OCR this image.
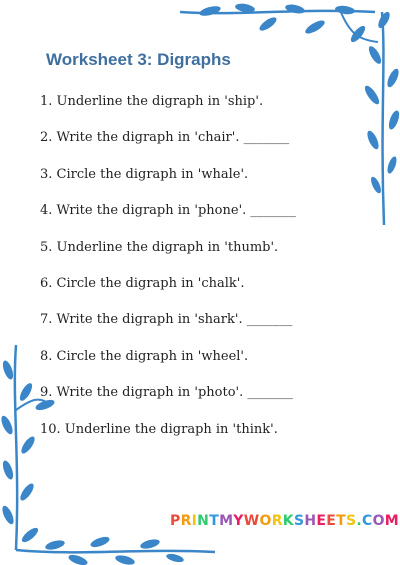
Worksheet 3: Digraphs
1. Underline the digraph in 'ship'.
2. Write the digraph in 'chair'. _______
3. Circle the digraph in 'whale'.
4. Write the digraph in 'phone'. _______
5. Underline the digraph in 'thumb'.
6. Circle the digraph in 'chalk'.
7. Write the digraph in 'shark'. _______
8. Circle the digraph in 'wheel'.
9. Write the digraph in 'photo'. _______
10. Underline the digraph in 'think'.
PRINTMYWORKSHEETS.COM
